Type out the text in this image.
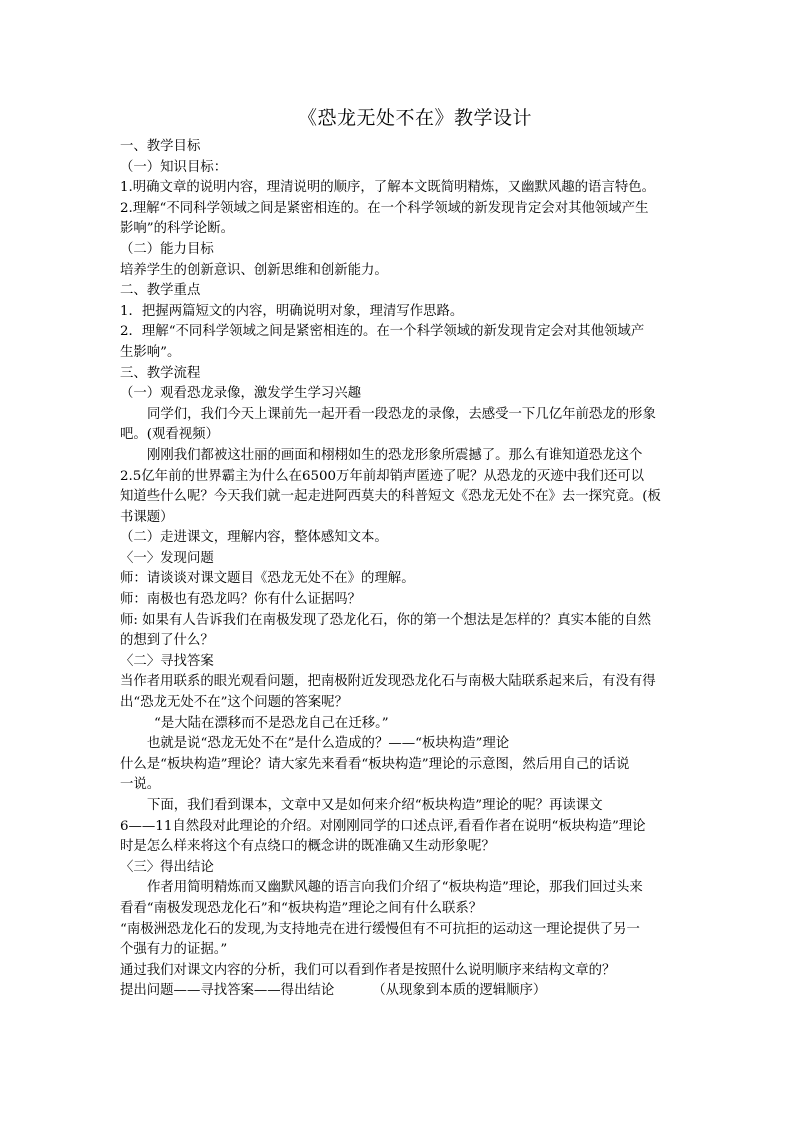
《恐龙无处不在》教学设计
一、教学目标
（一）知识目标：
1.明确文章的说明内容，理清说明的顺序，了解本文既简明精炼，又幽默风趣的语言特色。
2.理解“不同科学领域之间是紧密相连的。在一个科学领域的新发现肯定会对其他领域产生
影响”的科学论断。
（二）能力目标
培养学生的创新意识、创新思维和创新能力。
二、教学重点
1．把握两篇短文的内容，明确说明对象，理清写作思路。
2．理解“不同科学领域之间是紧密相连的。在一个科学领域的新发现肯定会对其他领域产
生影响”。
三、教学流程
（一）观看恐龙录像，激发学生学习兴趣
同学们，我们今天上课前先一起开看一段恐龙的录像，去感受一下几亿年前恐龙的形象
吧。(观看视频）
刚刚我们都被这壮丽的画面和栩栩如生的恐龙形象所震撼了。那么有谁知道恐龙这个
2.5亿年前的世界霸主为什么在6500万年前却销声匿迹了呢？从恐龙的灭迹中我们还可以
知道些什么呢？今天我们就一起走进阿西莫夫的科普短文《恐龙无处不在》去一探究竟。(板
书课题）
（二）走进课文，理解内容，整体感知文本。
〈一〉发现问题
师：请谈谈对课文题目《恐龙无处不在》的理解。
师：南极也有恐龙吗？你有什么证据吗？
师: 如果有人告诉我们在南极发现了恐龙化石，你的第一个想法是怎样的？真实本能的自然
的想到了什么？
〈二〉寻找答案
当作者用联系的眼光观看问题，把南极附近发现恐龙化石与南极大陆联系起来后，有没有得
出“恐龙无处不在”这个问题的答案呢？
“是大陆在漂移而不是恐龙自己在迁移。”
也就是说“恐龙无处不在”是什么造成的？——“板块构造”理论
什么是“板块构造”理论？请大家先来看看“板块构造”理论的示意图，然后用自己的话说
一说。
下面，我们看到课本，文章中又是如何来介绍“板块构造”理论的呢？再读课文
6——11自然段对此理论的介绍。对刚刚同学的口述点评,看看作者在说明“板块构造”理论
时是怎么样来将这个有点绕口的概念讲的既准确又生动形象呢？
〈三〉得出结论
作者用简明精炼而又幽默风趣的语言向我们介绍了“板块构造”理论，那我们回过头来
看看“南极发现恐龙化石”和“板块构造”理论之间有什么联系？
“南极洲恐龙化石的发现,为支持地壳在进行缓慢但有不可抗拒的运动这一理论提供了另一
个强有力的证据。”
通过我们对课文内容的分析，我们可以看到作者是按照什么说明顺序来结构文章的？
提出问题——寻找答案——得出结论	（从现象到本质的逻辑顺序）
